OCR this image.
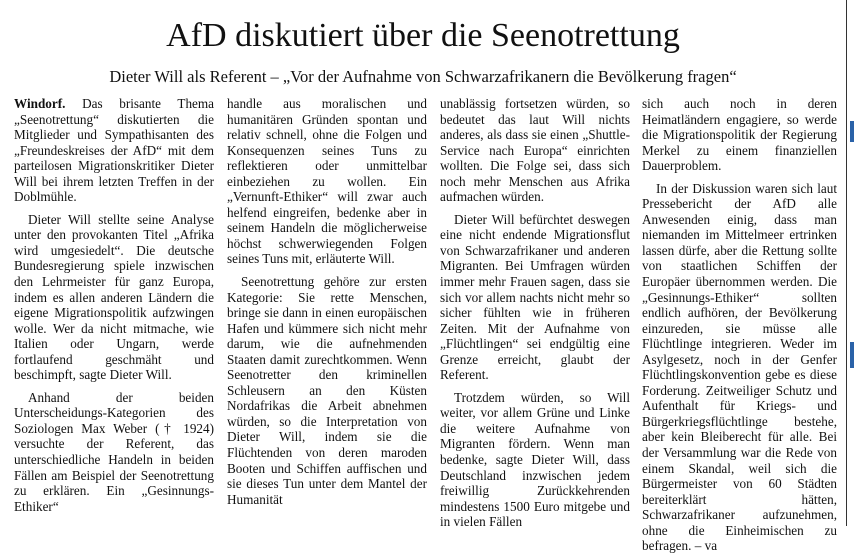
AfD diskutiert über die Seenotrettung
Dieter Will als Referent – „Vor der Aufnahme von Schwarzafrikanern die Bevölkerung fragen“

Windorf. Das brisante Thema „Seenotrettung“ diskutierten die Mitglieder und Sympathisanten des „Freundeskreises der AfD“ mit dem parteilosen Migrationskritiker Dieter Will bei ihrem letzten Treffen in der Doblmühle.

Dieter Will stellte seine Analyse unter den provokanten Titel „Afrika wird umgesiedelt“. Die deutsche Bundesregierung spiele inzwischen den Lehrmeister für ganz Europa, indem es allen anderen Ländern die eigene Migrationspolitik aufzwingen wolle. Wer da nicht mitmache, wie Italien oder Ungarn, werde fortlaufend geschmäht und beschimpft, sagte Dieter Will.

Anhand der beiden Unterscheidungs-Kategorien des Soziologen Max Weber († 1924) versuchte der Referent, das unterschiedliche Handeln in beiden Fällen am Beispiel der Seenotrettung zu erklären. Ein „Gesinnungs-Ethiker“

handle aus moralischen und humanitären Gründen spontan und relativ schnell, ohne die Folgen und Konsequenzen seines Tuns zu reflektieren oder unmittelbar einbeziehen zu wollen. Ein „Vernunft-Ethiker“ will zwar auch helfend eingreifen, bedenke aber in seinem Handeln die möglicherweise höchst schwerwiegenden Folgen seines Tuns mit, erläuterte Will.

Seenotrettung gehöre zur ersten Kategorie: Sie rette Menschen, bringe sie dann in einen europäischen Hafen und kümmere sich nicht mehr darum, wie die aufnehmenden Staaten damit zurechtkommen. Wenn Seenotretter den kriminellen Schleusern an den Küsten Nordafrikas die Arbeit abnehmen würden, so die Interpretation von Dieter Will, indem sie die Flüchtenden von deren maroden Booten und Schiffen auffischen und sie dieses Tun unter dem Mantel der Humanität

unablässig fortsetzen würden, so bedeutet das laut Will nichts anderes, als dass sie einen „Shuttle-Service nach Europa“ einrichten wollten. Die Folge sei, dass sich noch mehr Menschen aus Afrika aufmachen würden.

Dieter Will befürchtet deswegen eine nicht endende Migrationsflut von Schwarzafrikaner und anderen Migranten. Bei Umfragen würden immer mehr Frauen sagen, dass sie sich vor allem nachts nicht mehr so sicher fühlten wie in früheren Zeiten. Mit der Aufnahme von „Flüchtlingen“ sei endgültig eine Grenze erreicht, glaubt der Referent.

Trotzdem würden, so Will weiter, vor allem Grüne und Linke die weitere Aufnahme von Migranten fördern. Wenn man bedenke, sagte Dieter Will, dass Deutschland inzwischen jedem freiwillig Zurückkehrenden mindestens 1500 Euro mitgebe und in vielen Fällen

sich auch noch in deren Heimatländern engagiere, so werde die Migrationspolitik der Regierung Merkel zu einem finanziellen Dauerproblem.

In der Diskussion waren sich laut Pressebericht der AfD alle Anwesenden einig, dass man niemanden im Mittelmeer ertrinken lassen dürfe, aber die Rettung sollte von staatlichen Schiffen der Europäer übernommen werden. Die „Gesinnungs-Ethiker“ sollten endlich aufhören, der Bevölkerung einzureden, sie müsse alle Flüchtlinge integrieren. Weder im Asylgesetz, noch in der Genfer Flüchtlingskonvention gebe es diese Forderung. Zeitweiliger Schutz und Aufenthalt für Kriegs- und Bürgerkriegsflüchtlinge bestehe, aber kein Bleiberecht für alle. Bei der Versammlung war die Rede von einem Skandal, weil sich die Bürgermeister von 60 Städten bereiterklärt hätten, Schwarzafrikaner aufzunehmen, ohne die Einheimischen zu befragen. – va
